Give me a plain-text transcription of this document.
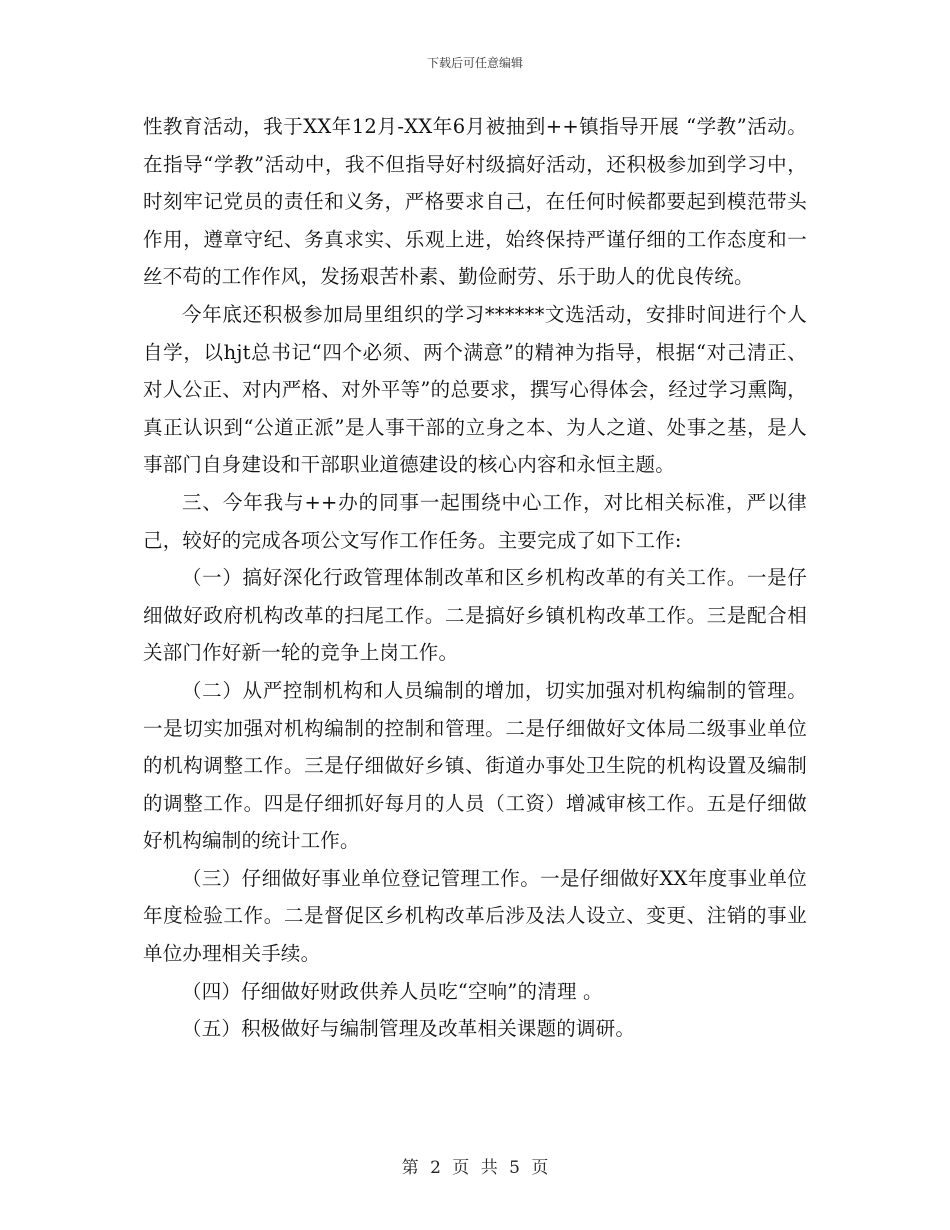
下载后可任意编辑

性教育活动，我于XX年12月-XX年6月被抽到++镇指导开展 “学教”活动。在指导“学教”活动中，我不但指导好村级搞好活动，还积极参加到学习中，时刻牢记党员的责任和义务，严格要求自己，在任何时候都要起到模范带头作用，遵章守纪、务真求实、乐观上进，始终保持严谨仔细的工作态度和一丝不苟的工作作风，发扬艰苦朴素、勤俭耐劳、乐于助人的优良传统。

今年底还积极参加局里组织的学习******文选活动，安排时间进行个人自学，以hjt总书记“四个必须、两个满意”的精神为指导，根据“对己清正、对人公正、对内严格、对外平等”的总要求，撰写心得体会，经过学习熏陶，真正认识到“公道正派”是人事干部的立身之本、为人之道、处事之基，是人事部门自身建设和干部职业道德建设的核心内容和永恒主题。

三、今年我与++办的同事一起围绕中心工作，对比相关标准，严以律己，较好的完成各项公文写作工作任务。主要完成了如下工作:

（一）搞好深化行政管理体制改革和区乡机构改革的有关工作。一是仔细做好政府机构改革的扫尾工作。二是搞好乡镇机构改革工作。三是配合相关部门作好新一轮的竞争上岗工作。

（二）从严控制机构和人员编制的增加，切实加强对机构编制的管理。一是切实加强对机构编制的控制和管理。二是仔细做好文体局二级事业单位的机构调整工作。三是仔细做好乡镇、街道办事处卫生院的机构设置及编制的调整工作。四是仔细抓好每月的人员（工资）增减审核工作。五是仔细做好机构编制的统计工作。

（三）仔细做好事业单位登记管理工作。一是仔细做好XX年度事业单位年度检验工作。二是督促区乡机构改革后涉及法人设立、变更、注销的事业单位办理相关手续。

（四）仔细做好财政供养人员吃“空响”的清理 。

（五）积极做好与编制管理及改革相关课题的调研。

第 2 页 共 5 页
